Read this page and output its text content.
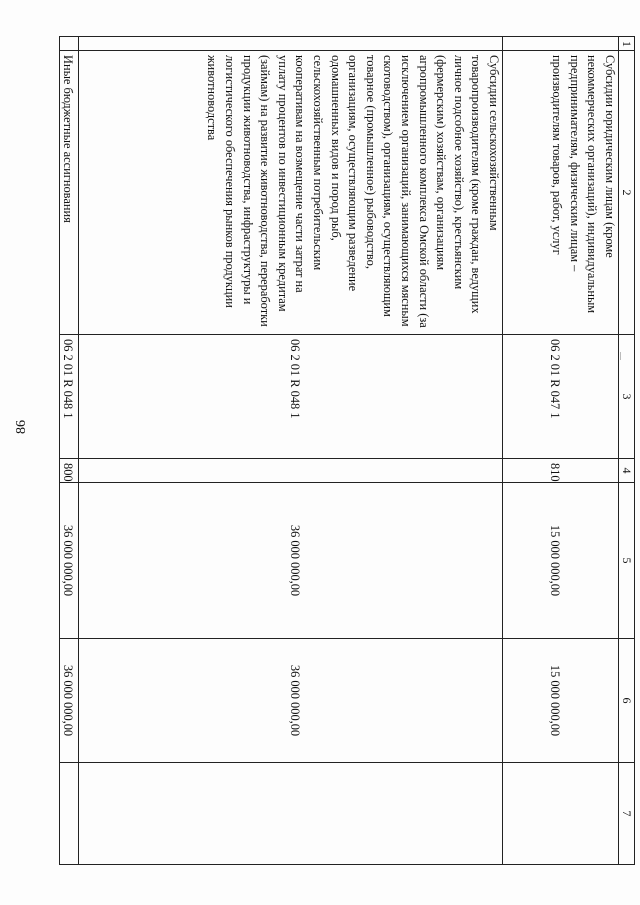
86
1	2	3	4	5	6	7
	Субсидии юридическим лицам (кроме некоммерческих организаций), индивидуальным предпринимателям, физическим лицам – производителям товаров, работ, услуг	06 2 01 R 047 1	810	15 000 000,00	15 000 000,00	
	Субсидии сельскохозяйственным товаропроизводителям (кроме граждан, ведущих личное подсобное хозяйство), крестьянским (фермерским) хозяйствам, организациям агропромышленного комплекса Омской области (за исключением организаций, занимающихся мясным скотоводством), организациям, осуществляющим товарное (промышленное) рыбоводство, организациям, осуществляющим разведение одомашненных видов и пород рыб, сельскохозяйственным потребительским кооперативам на возмещение части затрат на уплату процентов по инвестиционным кредитам (займам) на развитие животноводства, переработки продукции животноводства, инфраструктуры и логистического обеспечения рынков продукции животноводства	06 2 01 R 048 1		36 000 000,00	36 000 000,00	
	Иные бюджетные ассигнования	06 2 01 R 048 1	800	36 000 000,00	36 000 000,00	
